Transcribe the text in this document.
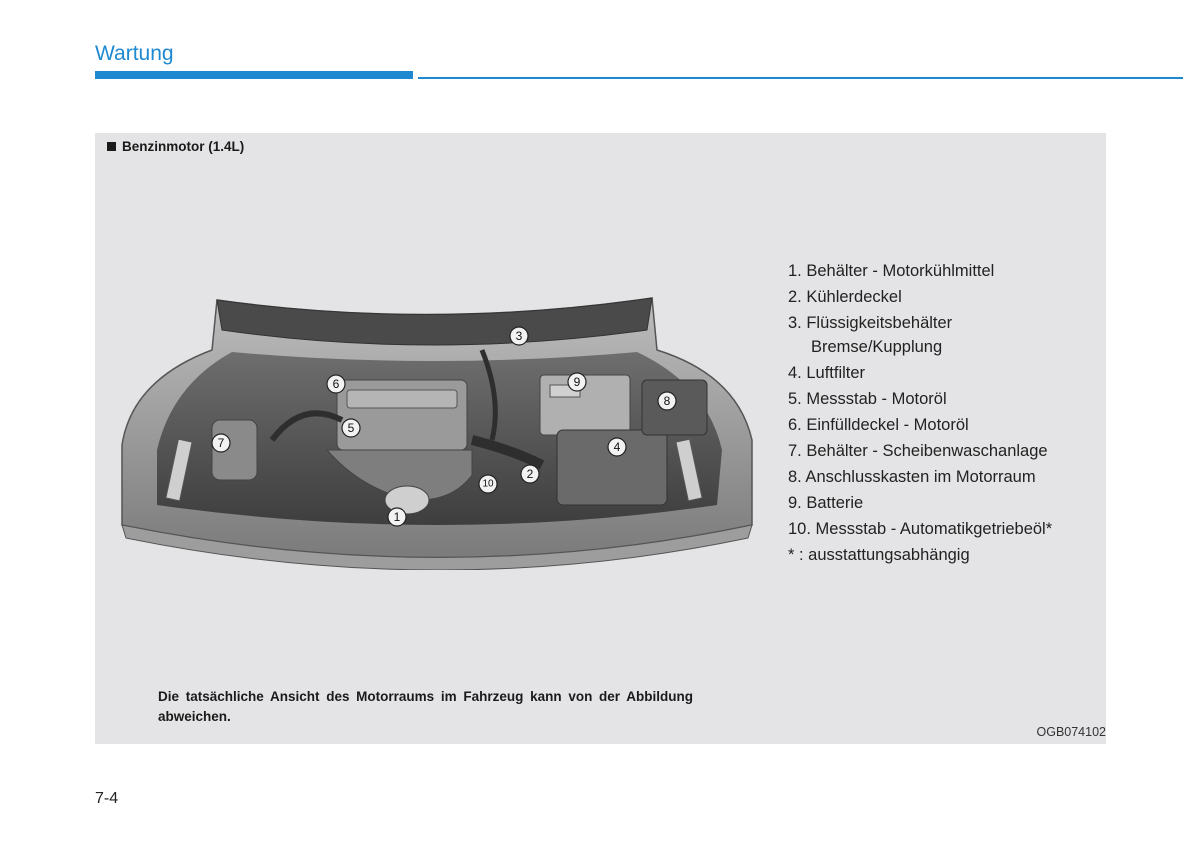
Wartung
Benzinmotor (1.4L)
1
2
3
4
5
6
7
8
9
10
1. Behälter - Motorkühlmittel
2. Kühlerdeckel
3. Flüssigkeitsbehälter
Bremse/Kupplung
4. Luftfilter
5. Messstab - Motoröl
6. Einfülldeckel - Motoröl
7. Behälter - Scheibenwaschanlage
8. Anschlusskasten im Motorraum
9. Batterie
10. Messstab - Automatikgetriebeöl*
* : ausstattungsabhängig
Die tatsächliche Ansicht des Motorraums im Fahrzeug kann von der Abbildung abweichen.
OGB074102
7-4
